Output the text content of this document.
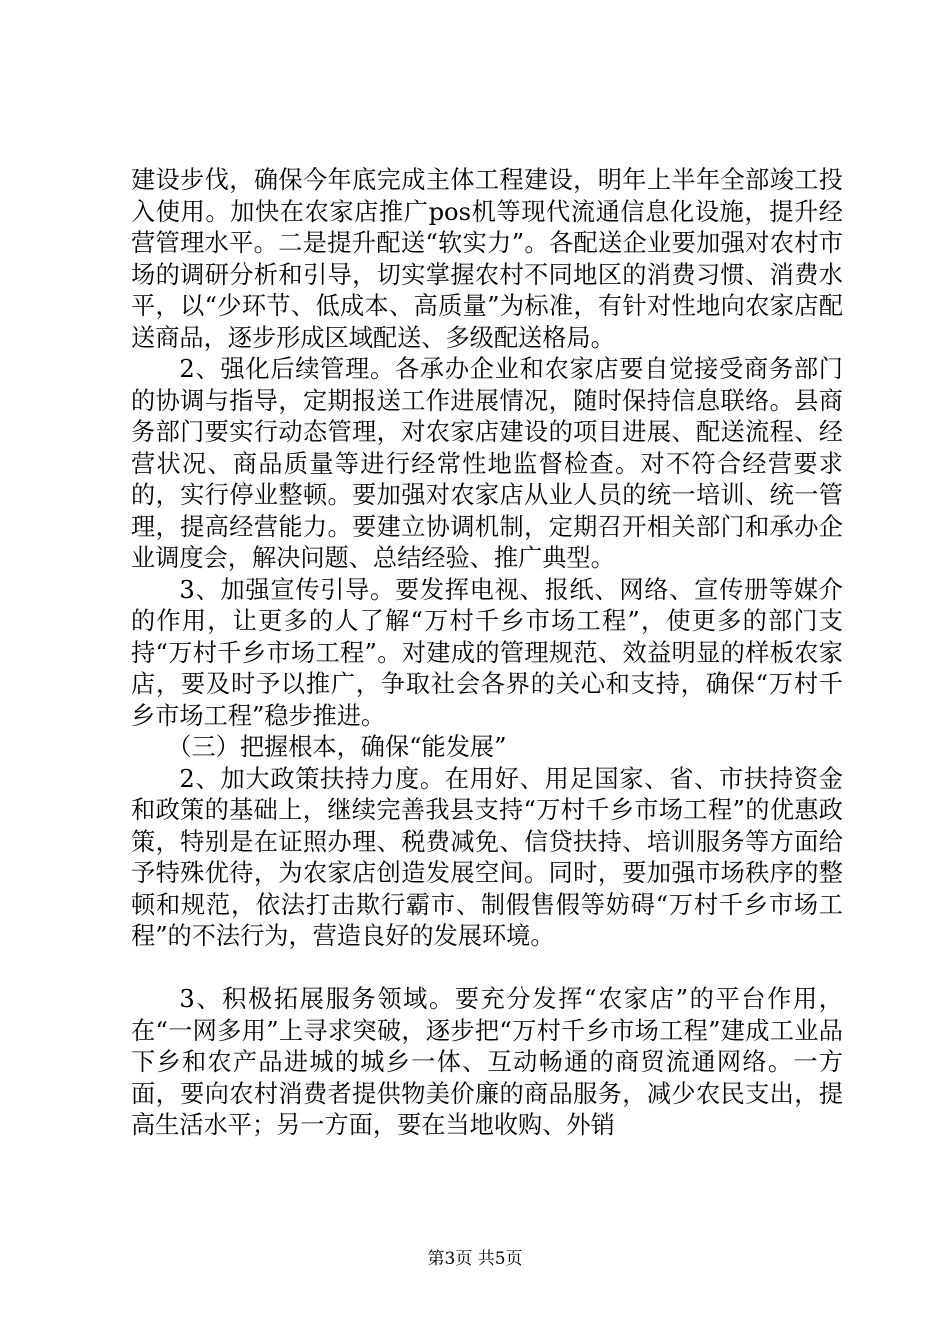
建设步伐，确保今年底完成主体工程建设，明年上半年全部竣工投入使用。加快在农家店推广pos机等现代流通信息化设施，提升经营管理水平。二是提升配送“软实力”。各配送企业要加强对农村市场的调研分析和引导，切实掌握农村不同地区的消费习惯、消费水平，以“少环节、低成本、高质量”为标准，有针对性地向农家店配送商品，逐步形成区域配送、多级配送格局。

2、强化后续管理。各承办企业和农家店要自觉接受商务部门的协调与指导，定期报送工作进展情况，随时保持信息联络。县商务部门要实行动态管理，对农家店建设的项目进展、配送流程、经营状况、商品质量等进行经常性地监督检查。对不符合经营要求的，实行停业整顿。要加强对农家店从业人员的统一培训、统一管理，提高经营能力。要建立协调机制，定期召开相关部门和承办企业调度会，解决问题、总结经验、推广典型。

3、加强宣传引导。要发挥电视、报纸、网络、宣传册等媒介的作用，让更多的人了解“万村千乡市场工程”，使更多的部门支持“万村千乡市场工程”。对建成的管理规范、效益明显的样板农家店，要及时予以推广，争取社会各界的关心和支持，确保“万村千乡市场工程”稳步推进。

（三）把握根本，确保“能发展”

2、加大政策扶持力度。在用好、用足国家、省、市扶持资金和政策的基础上，继续完善我县支持“万村千乡市场工程”的优惠政策，特别是在证照办理、税费减免、信贷扶持、培训服务等方面给予特殊优待，为农家店创造发展空间。同时，要加强市场秩序的整顿和规范，依法打击欺行霸市、制假售假等妨碍“万村千乡市场工程”的不法行为，营造良好的发展环境。

3、积极拓展服务领域。要充分发挥“农家店”的平台作用，在“一网多用”上寻求突破，逐步把“万村千乡市场工程”建成工业品下乡和农产品进城的城乡一体、互动畅通的商贸流通网络。一方面，要向农村消费者提供物美价廉的商品服务，减少农民支出，提高生活水平；另一方面，要在当地收购、外销

第3页 共5页
